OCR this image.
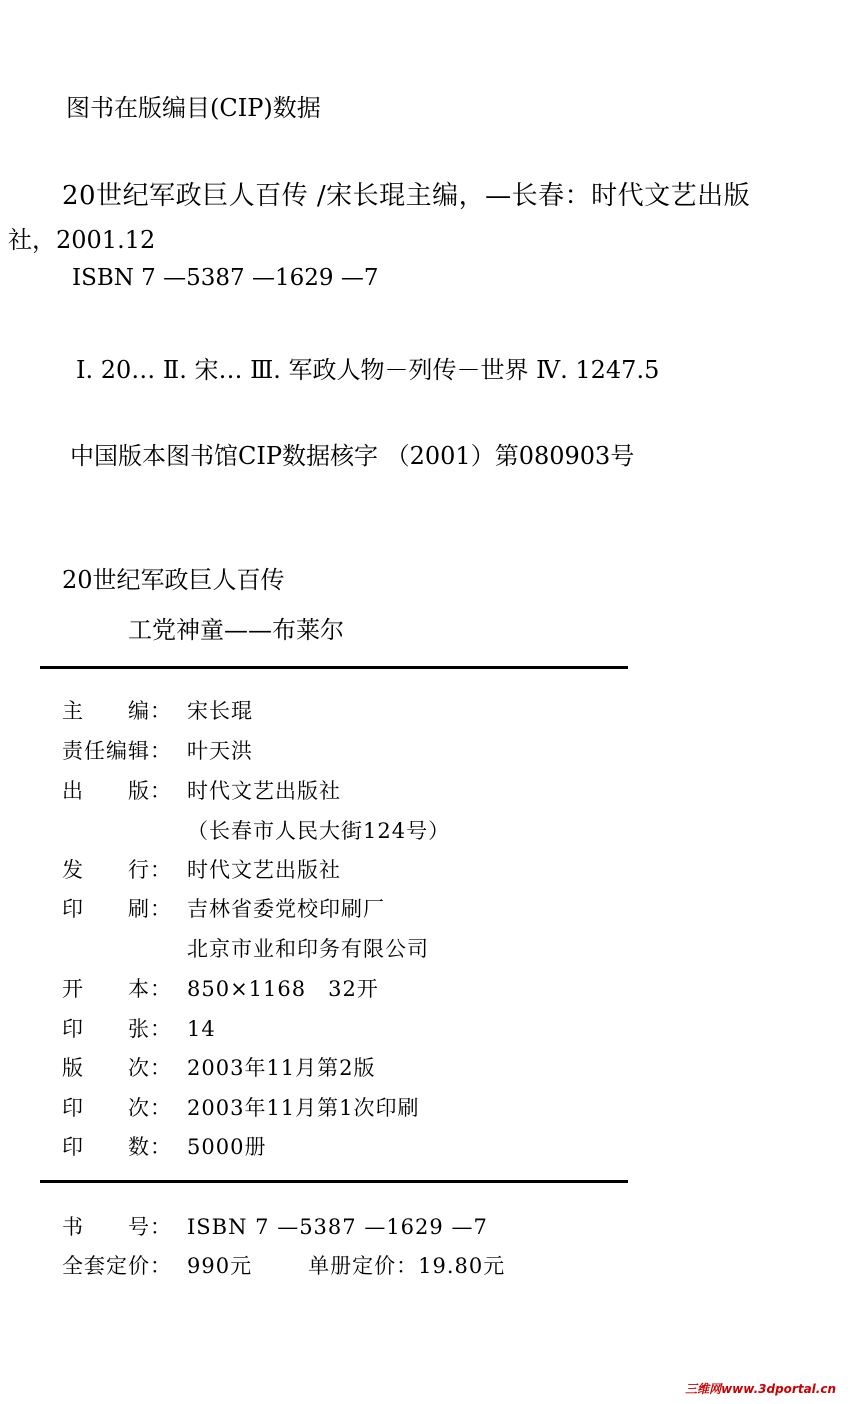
图书在版编目(CIP)数据
20世纪军政巨人百传 /宋长琨主编，—长春：时代文艺出版
社，2001.12
ISBN 7 —5387 —1629 —7
Ⅰ. 20… Ⅱ. 宋… Ⅲ. 军政人物－列传－世界 Ⅳ. 1247.5
中国版本图书馆CIP数据核字 （2001）第080903号
20世纪军政巨人百传
工党神童——布莱尔
主　　编： 宋长琨
责任编辑： 叶天洪
出　　版： 时代文艺出版社
（长春市人民大街124号）
发　　行： 时代文艺出版社
印　　刷： 吉林省委党校印刷厂
北京市业和印务有限公司
开　　本： 850×1168　32开
印　　张： 14
版　　次： 2003年11月第2版
印　　次： 2003年11月第1次印刷
印　　数： 5000册
书　　号： ISBN 7 —5387 —1629 —7
全套定价： 990元	单册定价：19.80元
三维网www.3dportal.cn
